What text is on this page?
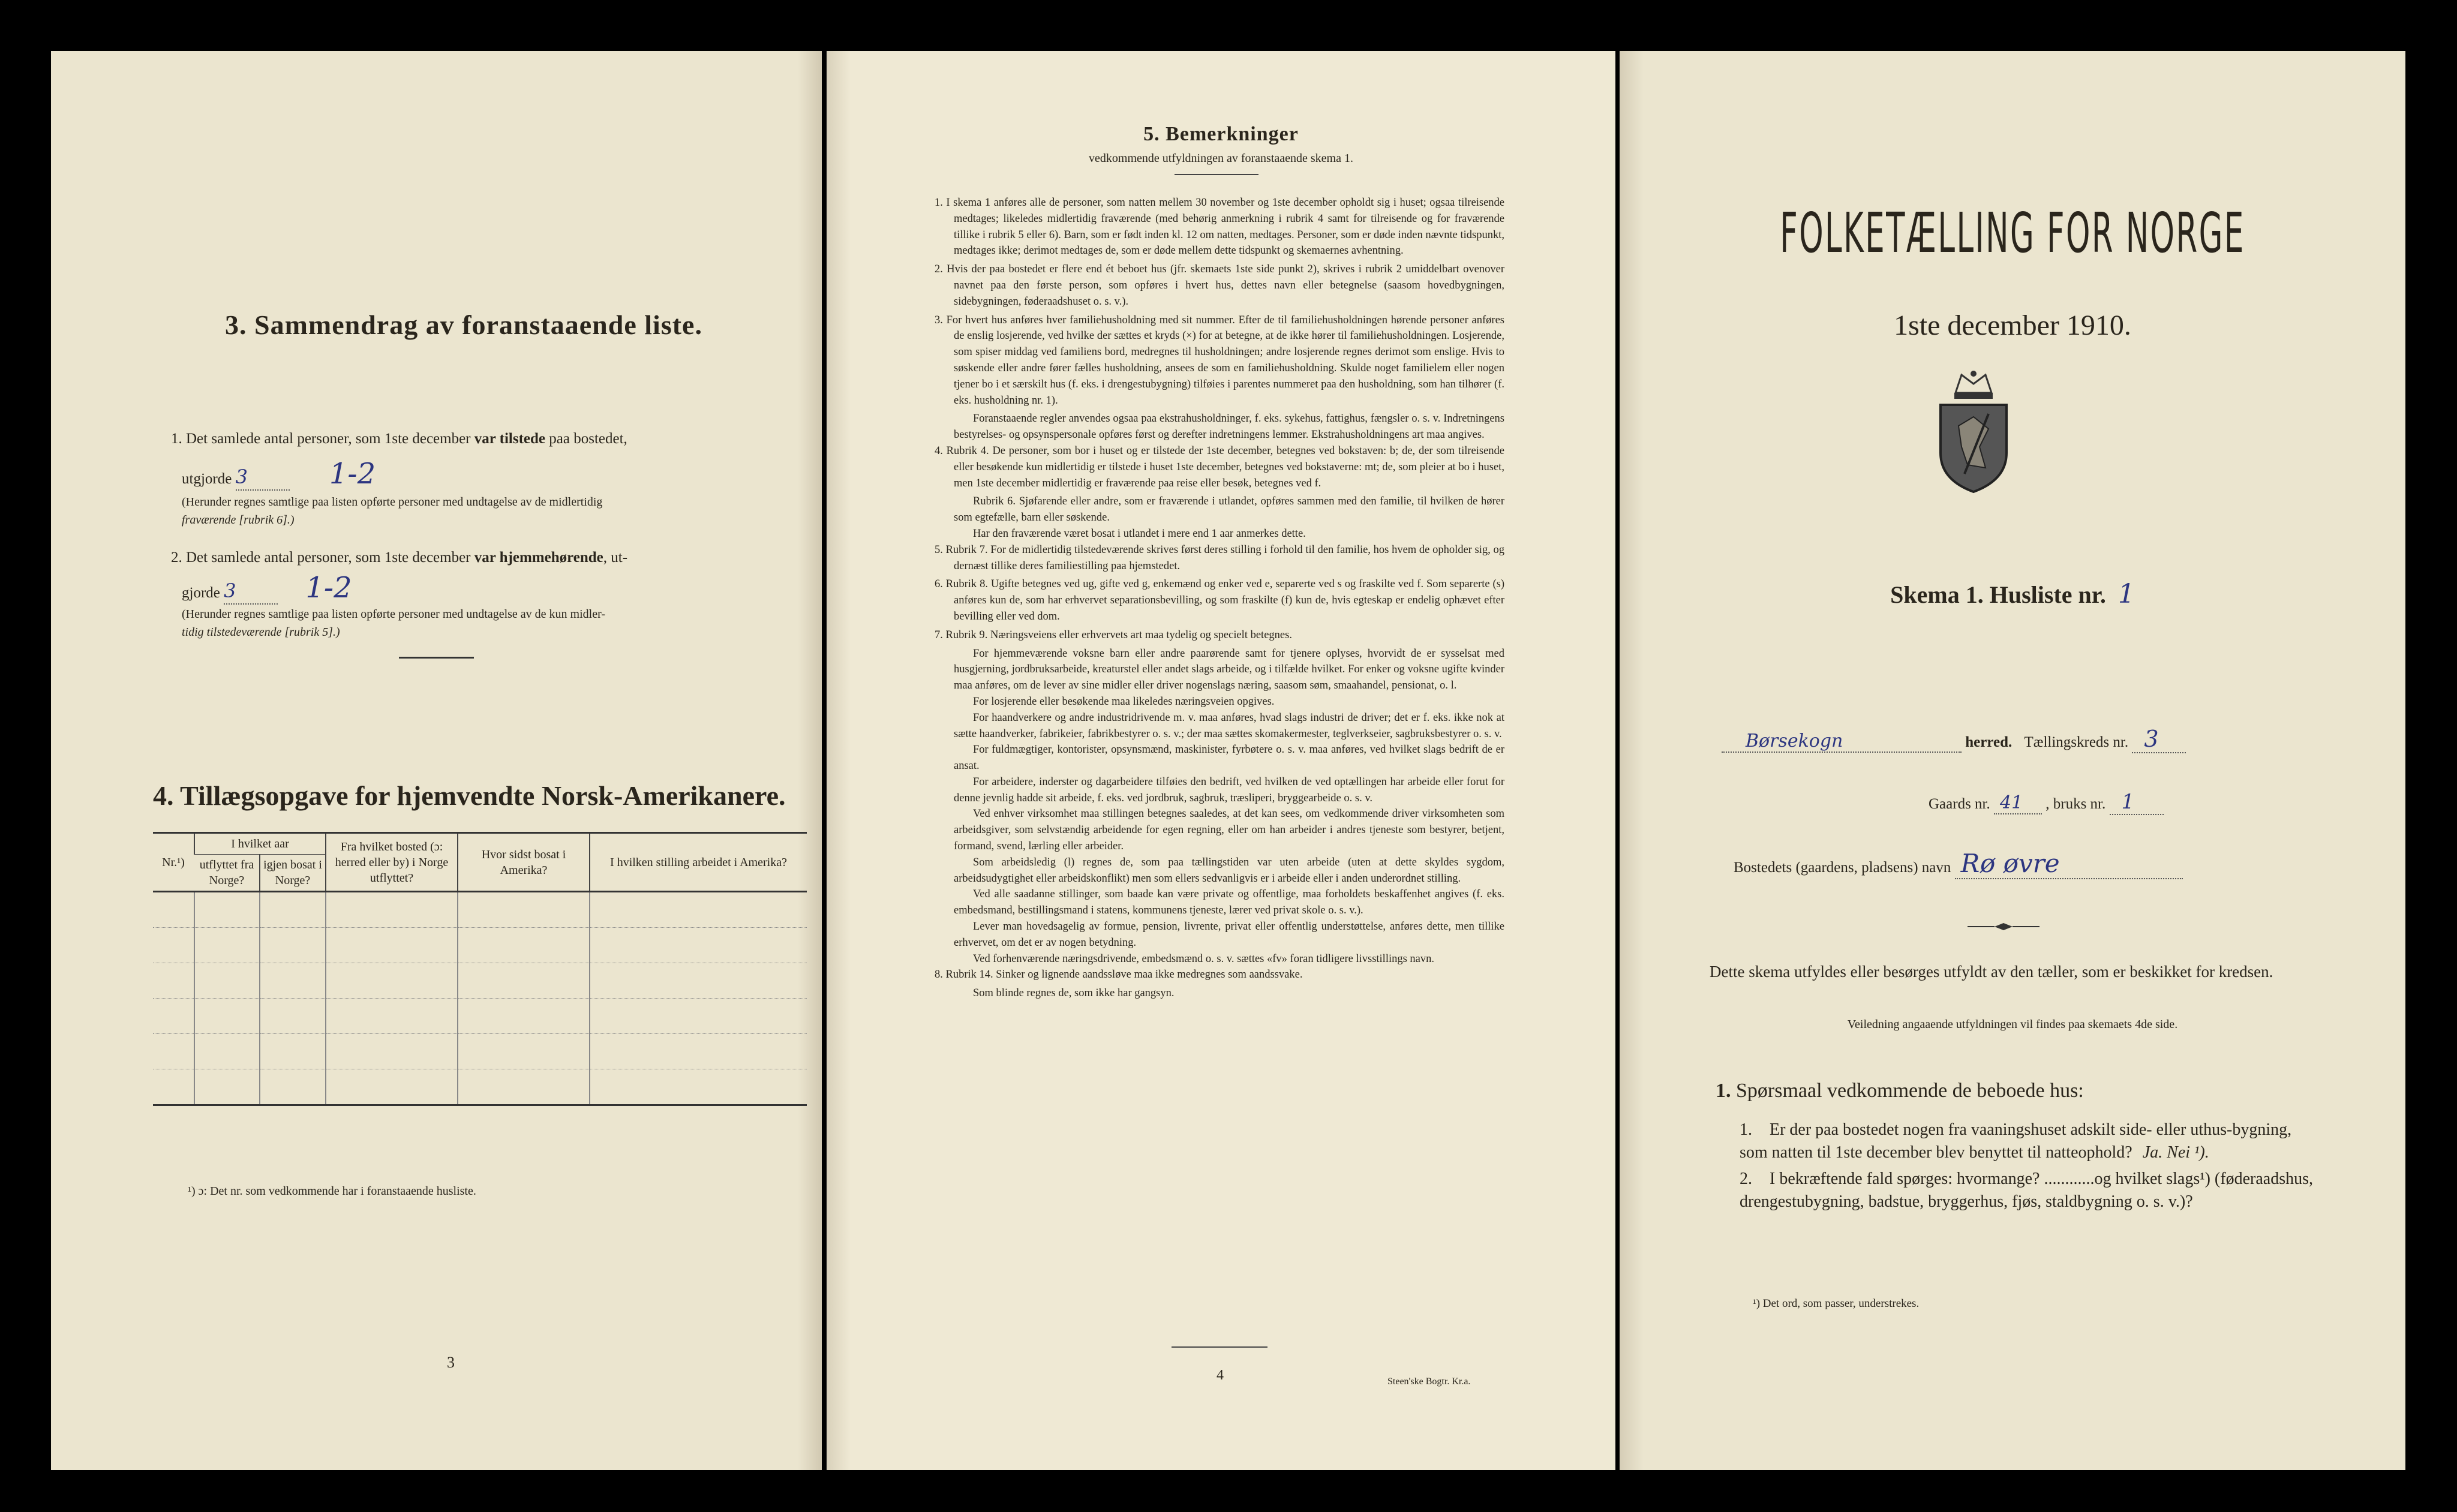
3. Sammendrag av foranstaaende liste.
1. Det samlede antal personer, som 1ste december var tilstede paa bostedet,
utgjorde 3	1-2
(Herunder regnes samtlige paa listen opførte personer med undtagelse av de midlertidig
fraværende [rubrik 6].)
2. Det samlede antal personer, som 1ste december var hjemmehørende, ut-
gjorde 3 1-2
(Herunder regnes samtlige paa listen opførte personer med undtagelse av de kun midler-
tidig tilstedeværende [rubrik 5].)
4. Tillægsopgave for hjemvendte Norsk-Amerikanere.
Nr.¹)	I hvilket aar		Fra hvilket bosted (ɔ: herred eller by) i Norge utflyttet?	Hvor sidst bosat i Amerika?	I hvilken stilling arbeidet i Amerika?
	utflyttet fra Norge?	igjen bosat i Norge?			

¹) ɔ: Det nr. som vedkommende har i foranstaaende husliste.
3
5. Bemerkninger
vedkommende utfyldningen av foranstaaende skema 1.

1. I skema 1 anføres alle de personer, som natten mellem 30 november og 1ste december opholdt sig i huset; ogsaa tilreisende medtages; likeledes midlertidig fraværende (med behørig anmerkning i rubrik 4 samt for tilreisende og for fraværende tillike i rubrik 5 eller 6). Barn, som er født inden kl. 12 om natten, medtages. Personer, som er døde inden nævnte tidspunkt, medtages ikke; derimot medtages de, som er døde mellem dette tidspunkt og skemaernes avhentning.

2. Hvis der paa bostedet er flere end ét beboet hus (jfr. skemaets 1ste side punkt 2), skrives i rubrik 2 umiddelbart ovenover navnet paa den første person, som opføres i hvert hus, dettes navn eller betegnelse (saasom hovedbygningen, sidebygningen, føderaadshuset o. s. v.).

3. For hvert hus anføres hver familiehusholdning med sit nummer. Efter de til familiehusholdningen hørende personer anføres de enslig losjerende, ved hvilke der sættes et kryds (×) for at betegne, at de ikke hører til familiehusholdningen. Losjerende, som spiser middag ved familiens bord, medregnes til husholdningen; andre losjerende regnes derimot som enslige. Hvis to søskende eller andre fører fælles husholdning, ansees de som en familiehusholdning. Skulde noget familielem eller nogen tjener bo i et særskilt hus (f. eks. i drengestubygning) tilføies i parentes nummeret paa den husholdning, som han tilhører (f. eks. husholdning nr. 1).

Foranstaaende regler anvendes ogsaa paa ekstrahusholdninger, f. eks. sykehus, fattighus, fængsler o. s. v. Indretningens bestyrelses- og opsynspersonale opføres først og derefter indretningens lemmer. Ekstrahusholdningens art maa angives.

4. Rubrik 4. De personer, som bor i huset og er tilstede der 1ste december, betegnes ved bokstaven: b; de, der som tilreisende eller besøkende kun midlertidig er tilstede i huset 1ste december, betegnes ved bokstaverne: mt; de, som pleier at bo i huset, men 1ste december midlertidig er fraværende paa reise eller besøk, betegnes ved f.

Rubrik 6. Sjøfarende eller andre, som er fraværende i utlandet, opføres sammen med den familie, til hvilken de hører som egtefælle, barn eller søskende.

Har den fraværende været bosat i utlandet i mere end 1 aar anmerkes dette.

5. Rubrik 7. For de midlertidig tilstedeværende skrives først deres stilling i forhold til den familie, hos hvem de opholder sig, og dernæst tillike deres familiestilling paa hjemstedet.

6. Rubrik 8. Ugifte betegnes ved ug, gifte ved g, enkemænd og enker ved e, separerte ved s og fraskilte ved f. Som separerte (s) anføres kun de, som har erhvervet separationsbevilling, og som fraskilte (f) kun de, hvis egteskap er endelig ophævet efter bevilling eller ved dom.

7. Rubrik 9. Næringsveiens eller erhvervets art maa tydelig og specielt betegnes.

For hjemmeværende voksne barn eller andre paarørende samt for tjenere oplyses, hvorvidt de er sysselsat med husgjerning, jordbruksarbeide, kreaturstel eller andet slags arbeide, og i tilfælde hvilket. For enker og voksne ugifte kvinder maa anføres, om de lever av sine midler eller driver nogenslags næring, saasom søm, smaahandel, pensionat, o. l.

For losjerende eller besøkende maa likeledes næringsveien opgives.

For haandverkere og andre industridrivende m. v. maa anføres, hvad slags industri de driver; det er f. eks. ikke nok at sætte haandverker, fabrikeier, fabrikbestyrer o. s. v.; der maa sættes skomakermester, teglverkseier, sagbruksbestyrer o. s. v.

For fuldmægtiger, kontorister, opsynsmænd, maskinister, fyrbøtere o. s. v. maa anføres, ved hvilket slags bedrift de er ansat.

For arbeidere, inderster og dagarbeidere tilføies den bedrift, ved hvilken de ved optællingen har arbeide eller forut for denne jevnlig hadde sit arbeide, f. eks. ved jordbruk, sagbruk, træsliperi, bryggearbeide o. s. v.

Ved enhver virksomhet maa stillingen betegnes saaledes, at det kan sees, om vedkommende driver virksomheten som arbeidsgiver, som selvstændig arbeidende for egen regning, eller om han arbeider i andres tjeneste som bestyrer, betjent, formand, svend, lærling eller arbeider.

Som arbeidsledig (l) regnes de, som paa tællingstiden var uten arbeide (uten at dette skyldes sygdom, arbeidsudygtighet eller arbeidskonflikt) men som ellers sedvanligvis er i arbeide eller i anden underordnet stilling.

Ved alle saadanne stillinger, som baade kan være private og offentlige, maa forholdets beskaffenhet angives (f. eks. embedsmand, bestillingsmand i statens, kommunens tjeneste, lærer ved privat skole o. s. v.).

Lever man hovedsagelig av formue, pension, livrente, privat eller offentlig understøttelse, anføres dette, men tillike erhvervet, om det er av nogen betydning.

Ved forhenværende næringsdrivende, embedsmænd o. s. v. sættes «fv» foran tidligere livsstillings navn.

8. Rubrik 14. Sinker og lignende aandssløve maa ikke medregnes som aandssvake.

Som blinde regnes de, som ikke har gangsyn.

4	Steen'ske Bogtr. Kr.a.
FOLKETÆLLING FOR NORGE
1ste december 1910.
Skema 1. Husliste nr. 1
Børsekogn	herred. Tællingskreds nr. 3
Gaards nr. 41 , bruks nr. 1
Bostedets (gaardens, pladsens) navn Rø øvre
Dette skema utfyldes eller besørges utfyldt av den tæller, som er beskikket for kredsen.
Veiledning angaaende utfyldningen vil findes paa skemaets 4de side.
1. Spørsmaal vedkommende de beboede hus:
1. Er der paa bostedet nogen fra vaaningshuset adskilt side- eller uthus-bygning, som natten til 1ste december blev benyttet til natteophold? Ja. Nei ¹).
2. I bekræftende fald spørges: hvormange? ............og hvilket slags¹) (føderaadshus, drengestubygning, badstue, bryggerhus, fjøs, staldbygning o. s. v.)?
¹) Det ord, som passer, understrekes.
